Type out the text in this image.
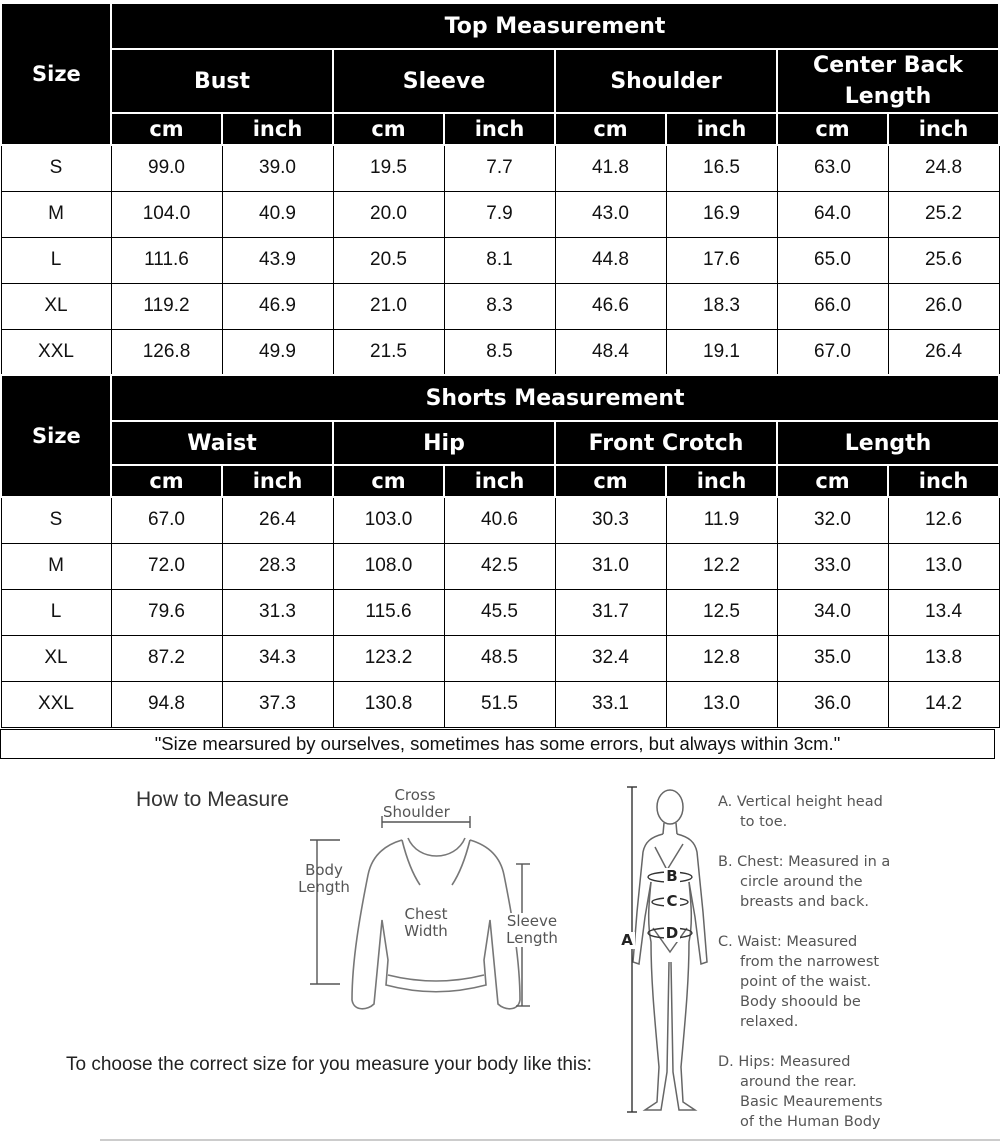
Size	Top Measurement							
	Bust		Sleeve		Shoulder		Center Back Length	
	cm	inch	cm	inch	cm	inch	cm	inch
S	99.0	39.0	19.5	7.7	41.8	16.5	63.0	24.8
M	104.0	40.9	20.0	7.9	43.0	16.9	64.0	25.2
L	111.6	43.9	20.5	8.1	44.8	17.6	65.0	25.6
XL	119.2	46.9	21.0	8.3	46.6	18.3	66.0	26.0
XXL	126.8	49.9	21.5	8.5	48.4	19.1	67.0	26.4
Size	Shorts Measurement							
	Waist		Hip		Front Crotch		Length	
	cm	inch	cm	inch	cm	inch	cm	inch
S	67.0	26.4	103.0	40.6	30.3	11.9	32.0	12.6
M	72.0	28.3	108.0	42.5	31.0	12.2	33.0	13.0
L	79.6	31.3	115.6	45.5	31.7	12.5	34.0	13.4
XL	87.2	34.3	123.2	48.5	32.4	12.8	35.0	13.8
XXL	94.8	37.3	130.8	51.5	33.1	13.0	36.0	14.2
"Size mearsured by ourselves, sometimes has some errors, but always within 3cm."
How to Measure
To choose the correct size for you measure your body like this:
Cross
Shoulder
Body
Length
Chest
Width
Sleeve
Length
B
C
D
A
A. Vertical height head
to toe.
B. Chest: Measured in a
circle around the
breasts and back.
C. Waist: Measured
from the narrowest
point of the waist.
Body shoould be
relaxed.
D. Hips: Measured
around the rear.
Basic Meaurements
of the Human Body
